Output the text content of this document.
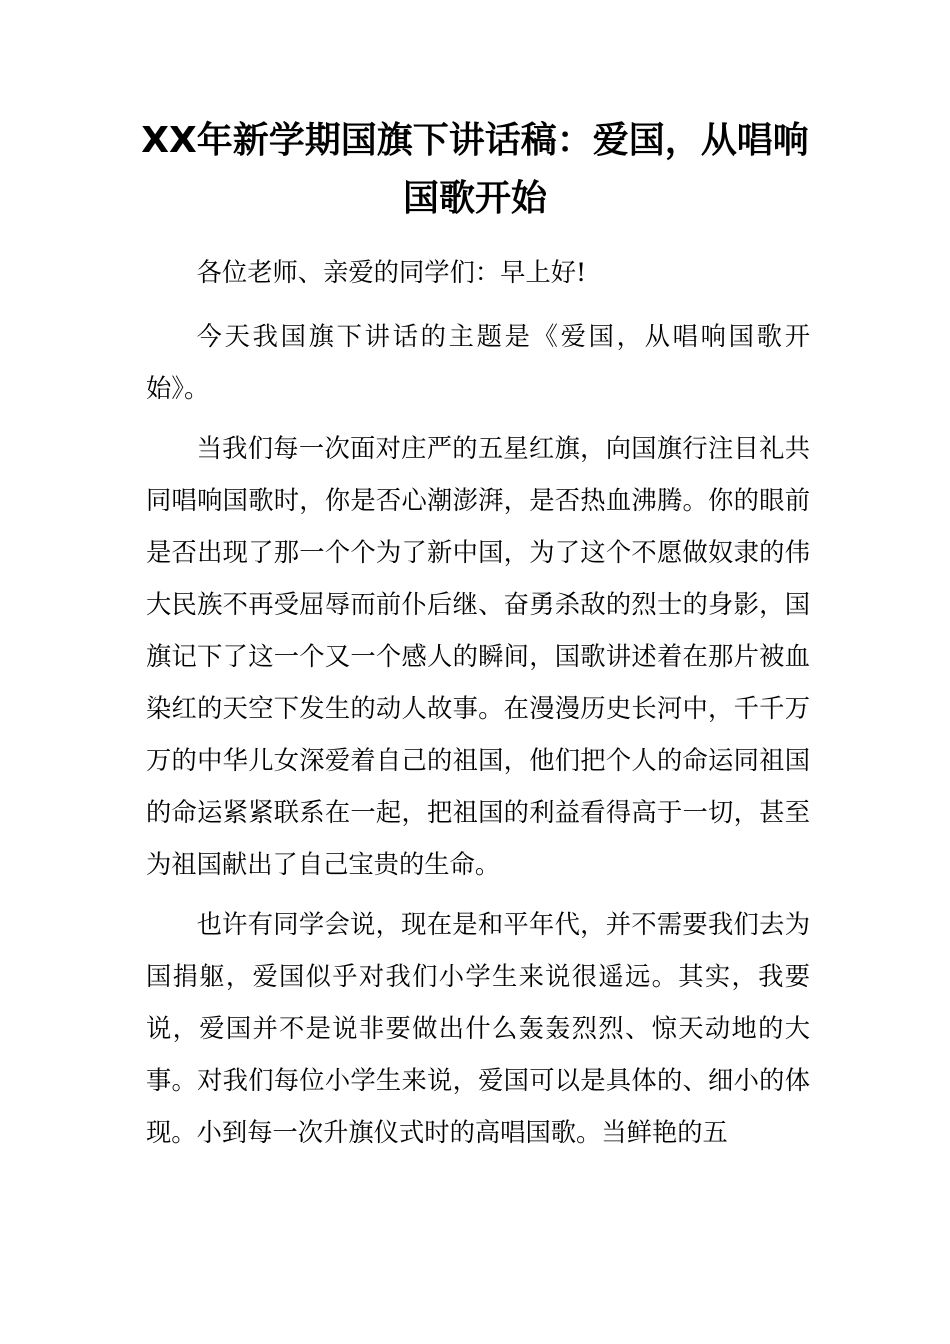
XX年新学期国旗下讲话稿：爱国，从唱响国歌开始

各位老师、亲爱的同学们：早上好!

今天我国旗下讲话的主题是《爱国，从唱响国歌开始》。

当我们每一次面对庄严的五星红旗，向国旗行注目礼共同唱响国歌时，你是否心潮澎湃，是否热血沸腾。你的眼前是否出现了那一个个为了新中国，为了这个不愿做奴隶的伟大民族不再受屈辱而前仆后继、奋勇杀敌的烈士的身影，国旗记下了这一个又一个感人的瞬间，国歌讲述着在那片被血染红的天空下发生的动人故事。在漫漫历史长河中，千千万万的中华儿女深爱着自己的祖国，他们把个人的命运同祖国的命运紧紧联系在一起，把祖国的利益看得高于一切，甚至为祖国献出了自己宝贵的生命。

也许有同学会说，现在是和平年代，并不需要我们去为国捐躯，爱国似乎对我们小学生来说很遥远。其实，我要说，爱国并不是说非要做出什么轰轰烈烈、惊天动地的大事。对我们每位小学生来说，爱国可以是具体的、细小的体现。小到每一次升旗仪式时的高唱国歌。当鲜艳的五
